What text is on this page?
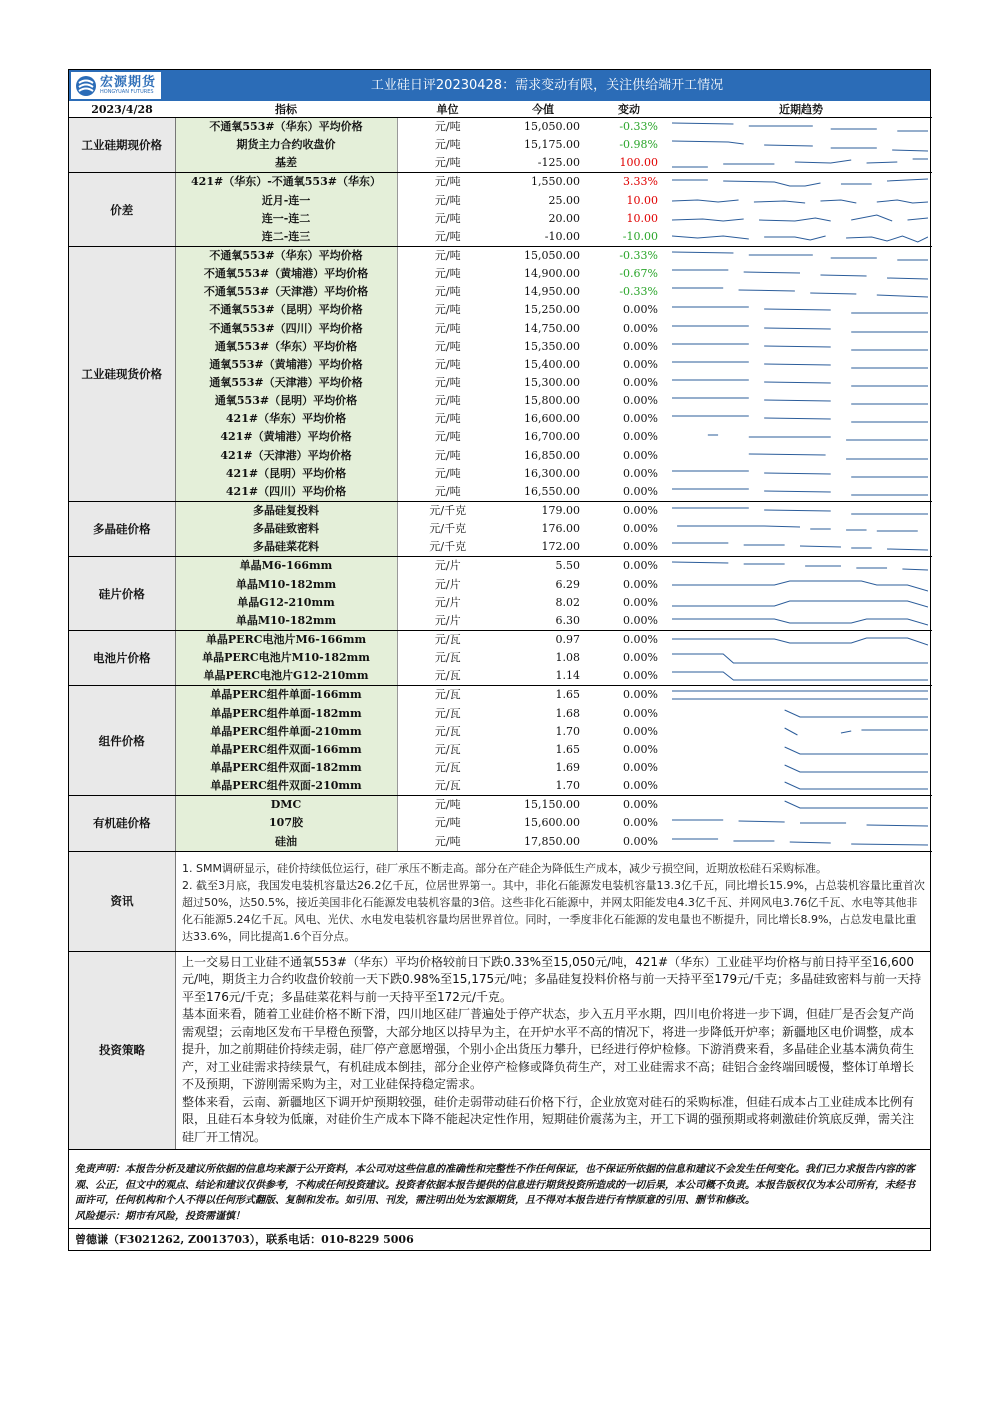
宏源期货
HONGYUAN FUTURES	工业硅日评20230428：需求变动有限，关注供给端开工情况
2023/4/28	指标	单位	今值	变动	近期趋势
工业硅期现价格	不通氧553#（华东）平均价格	元/吨	15,050.00	-0.33%	

	期货主力合约收盘价	元/吨	15,175.00	-0.98%	

	基差	元/吨	-125.00	100.00	

价差	421#（华东）-不通氧553#（华东）	元/吨	1,550.00	3.33%	

	近月-连一	元/吨	25.00	10.00	

	连一-连二	元/吨	20.00	10.00	

	连二-连三	元/吨	-10.00	-10.00	

工业硅现货价格	不通氧553#（华东）平均价格	元/吨	15,050.00	-0.33%	

	不通氧553#（黄埔港）平均价格	元/吨	14,900.00	-0.67%	

	不通氧553#（天津港）平均价格	元/吨	14,950.00	-0.33%	

	不通氧553#（昆明）平均价格	元/吨	15,250.00	0.00%	

	不通氧553#（四川）平均价格	元/吨	14,750.00	0.00%	

	通氧553#（华东）平均价格	元/吨	15,350.00	0.00%	

	通氧553#（黄埔港）平均价格	元/吨	15,400.00	0.00%	

	通氧553#（天津港）平均价格	元/吨	15,300.00	0.00%	

	通氧553#（昆明）平均价格	元/吨	15,800.00	0.00%	

	421#（华东）平均价格	元/吨	16,600.00	0.00%	

	421#（黄埔港）平均价格	元/吨	16,700.00	0.00%	

	421#（天津港）平均价格	元/吨	16,850.00	0.00%	

	421#（昆明）平均价格	元/吨	16,300.00	0.00%	

	421#（四川）平均价格	元/吨	16,550.00	0.00%	

多晶硅价格	多晶硅复投料	元/千克	179.00	0.00%	

	多晶硅致密料	元/千克	176.00	0.00%	

	多晶硅菜花料	元/千克	172.00	0.00%	

硅片价格	单晶M6-166mm	元/片	5.50	0.00%	

	单晶M10-182mm	元/片	6.29	0.00%	

	单晶G12-210mm	元/片	8.02	0.00%	

	单晶M10-182mm	元/片	6.30	0.00%	

电池片价格	单晶PERC电池片M6-166mm	元/瓦	0.97	0.00%	

	单晶PERC电池片M10-182mm	元/瓦	1.08	0.00%	

	单晶PERC电池片G12-210mm	元/瓦	1.14	0.00%	

组件价格	单晶PERC组件单面-166mm	元/瓦	1.65	0.00%	

	单晶PERC组件单面-182mm	元/瓦	1.68	0.00%	

	单晶PERC组件单面-210mm	元/瓦	1.70	0.00%	

	单晶PERC组件双面-166mm	元/瓦	1.65	0.00%	

	单晶PERC组件双面-182mm	元/瓦	1.69	0.00%	

	单晶PERC组件双面-210mm	元/瓦	1.70	0.00%	

有机硅价格	DMC	元/吨	15,150.00	0.00%	

	107胶	元/吨	15,600.00	0.00%	

	硅油	元/吨	17,850.00	0.00%	
资讯
1. SMM调研显示，硅价持续低位运行，硅厂承压不断走高。部分在产硅企为降低生产成本，减少亏损空间，近期放松硅石采购标准。
2. 截至3月底，我国发电装机容量达26.2亿千瓦，位居世界第一。其中，非化石能源发电装机容量13.3亿千瓦，同比增长15.9%，占总装机容量比重首次超过50%，达50.5%，接近美国非化石能源发电装机容量的3倍。这些非化石能源中，并网太阳能发电4.3亿千瓦、并网风电3.76亿千瓦、水电等其他非化石能源5.24亿千瓦。风电、光伏、水电发电装机容量均居世界首位。同时，一季度非化石能源的发电量也不断提升，同比增长8.9%，占总发电量比重达33.6%，同比提高1.6个百分点。
投资策略
上一交易日工业硅不通氧553#（华东）平均价格较前日下跌0.33%至15,050元/吨，421#（华东）工业硅平均价格与前日持平至16,600元/吨，期货主力合约收盘价较前一天下跌0.98%至15,175元/吨；多晶硅复投料价格与前一天持平至179元/千克；多晶硅致密料与前一天持平至176元/千克；多晶硅菜花料与前一天持平至172元/千克。
基本面来看，随着工业硅价格不断下滑，四川地区硅厂普遍处于停产状态，步入五月平水期，四川电价将进一步下调，但硅厂是否会复产尚需观望；云南地区发布干旱橙色预警，大部分地区以持早为主，在开炉水平不高的情况下，将进一步降低开炉率；新疆地区电价调整，成本提升，加之前期硅价持续走弱，硅厂停产意愿增强，个别小企出货压力攀升，已经进行停炉检修。下游消费来看，多晶硅企业基本满负荷生产，对工业硅需求持续景气，有机硅成本倒挂，部分企业停产检修或降负荷生产，对工业硅需求不高；硅铝合金终端回暖慢，整体订单增长不及预期，下游刚需采购为主，对工业硅保持稳定需求。
整体来看，云南、新疆地区下调开炉预期较强，硅价走弱带动硅石价格下行，企业放宽对硅石的采购标准，但硅石成本占工业硅成本比例有限，且硅石本身较为低廉，对硅价生产成本下降不能起决定性作用，短期硅价震荡为主，开工下调的强预期或将刺激硅价筑底反弹，需关注硅厂开工情况。
免责声明：本报告分析及建议所依据的信息均来源于公开资料，本公司对这些信息的准确性和完整性不作任何保证，也不保证所依据的信息和建议不会发生任何变化。我们已力求报告内容的客观、公正，但文中的观点、结论和建议仅供参考，不构成任何投资建议。投资者依据本报告提供的信息进行期货投资所造成的一切后果，本公司概不负责。本报告版权仅为本公司所有，未经书面许可，任何机构和个人不得以任何形式翻版、复制和发布。如引用、刊发，需注明出处为宏源期货，且不得对本报告进行有悖原意的引用、删节和修改。
风险提示：期市有风险，投资需谨慎！
曾德谦（F3021262, Z0013703），联系电话：010-8229 5006
